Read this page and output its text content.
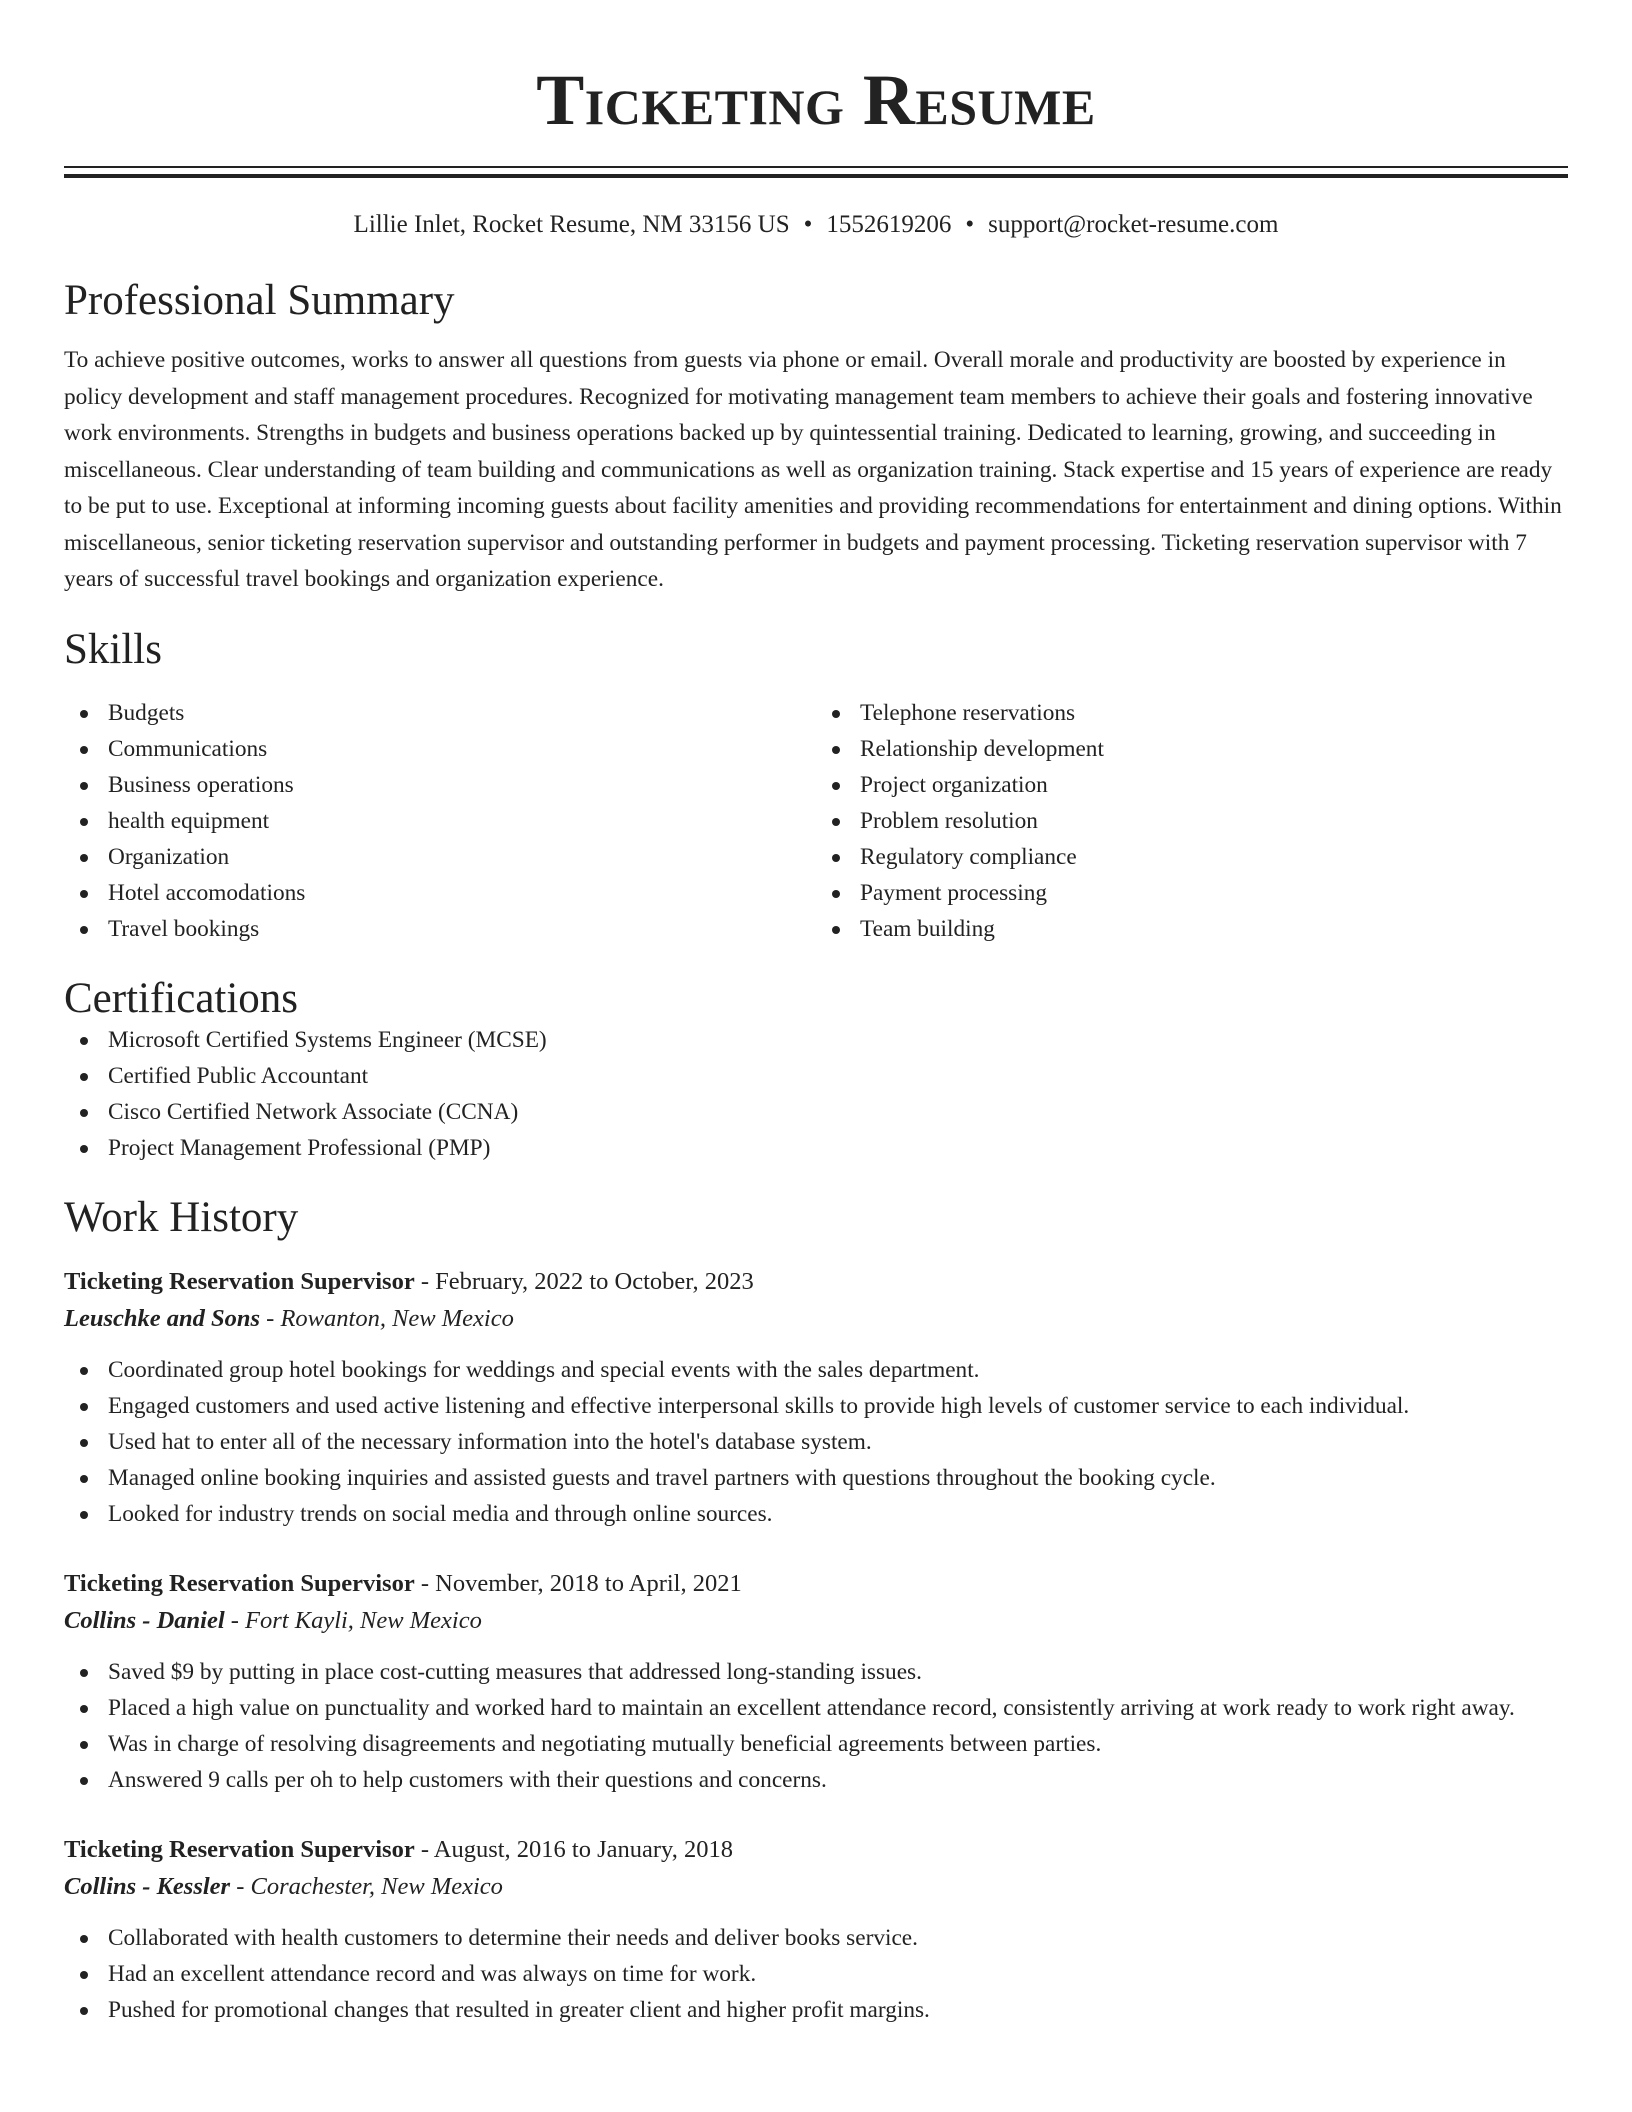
Ticketing Resume
Lillie Inlet, Rocket Resume, NM 33156 US • 1552619206 • support@rocket-resume.com
Professional Summary

To achieve positive outcomes, works to answer all questions from guests via phone or email. Overall morale and productivity are boosted by experience in policy development and staff management procedures. Recognized for motivating management team members to achieve their goals and fostering innovative work environments. Strengths in budgets and business operations backed up by quintessential training. Dedicated to learning, growing, and succeeding in miscellaneous. Clear understanding of team building and communications as well as organization training. Stack expertise and 15 years of experience are ready to be put to use. Exceptional at informing incoming guests about facility amenities and providing recommendations for entertainment and dining options. Within miscellaneous, senior ticketing reservation supervisor and outstanding performer in budgets and payment processing. Ticketing reservation supervisor with 7 years of successful travel bookings and organization experience.

Skills
Budgets
Communications
Business operations
health equipment
Organization
Hotel accomodations
Travel bookings
Telephone reservations
Relationship development
Project organization
Problem resolution
Regulatory compliance
Payment processing
Team building
Certifications
Microsoft Certified Systems Engineer (MCSE)
Certified Public Accountant
Cisco Certified Network Associate (CCNA)
Project Management Professional (PMP)
Work History
Ticketing Reservation Supervisor - February, 2022 to October, 2023
Leuschke and Sons - Rowanton, New Mexico
Coordinated group hotel bookings for weddings and special events with the sales department.
Engaged customers and used active listening and effective interpersonal skills to provide high levels of customer service to each individual.
Used hat to enter all of the necessary information into the hotel's database system.
Managed online booking inquiries and assisted guests and travel partners with questions throughout the booking cycle.
Looked for industry trends on social media and through online sources.
Ticketing Reservation Supervisor - November, 2018 to April, 2021
Collins - Daniel - Fort Kayli, New Mexico
Saved $9 by putting in place cost-cutting measures that addressed long-standing issues.
Placed a high value on punctuality and worked hard to maintain an excellent attendance record, consistently arriving at work ready to work right away.
Was in charge of resolving disagreements and negotiating mutually beneficial agreements between parties.
Answered 9 calls per oh to help customers with their questions and concerns.
Ticketing Reservation Supervisor - August, 2016 to January, 2018
Collins - Kessler - Corachester, New Mexico
Collaborated with health customers to determine their needs and deliver books service.
Had an excellent attendance record and was always on time for work.
Pushed for promotional changes that resulted in greater client and higher profit margins.
